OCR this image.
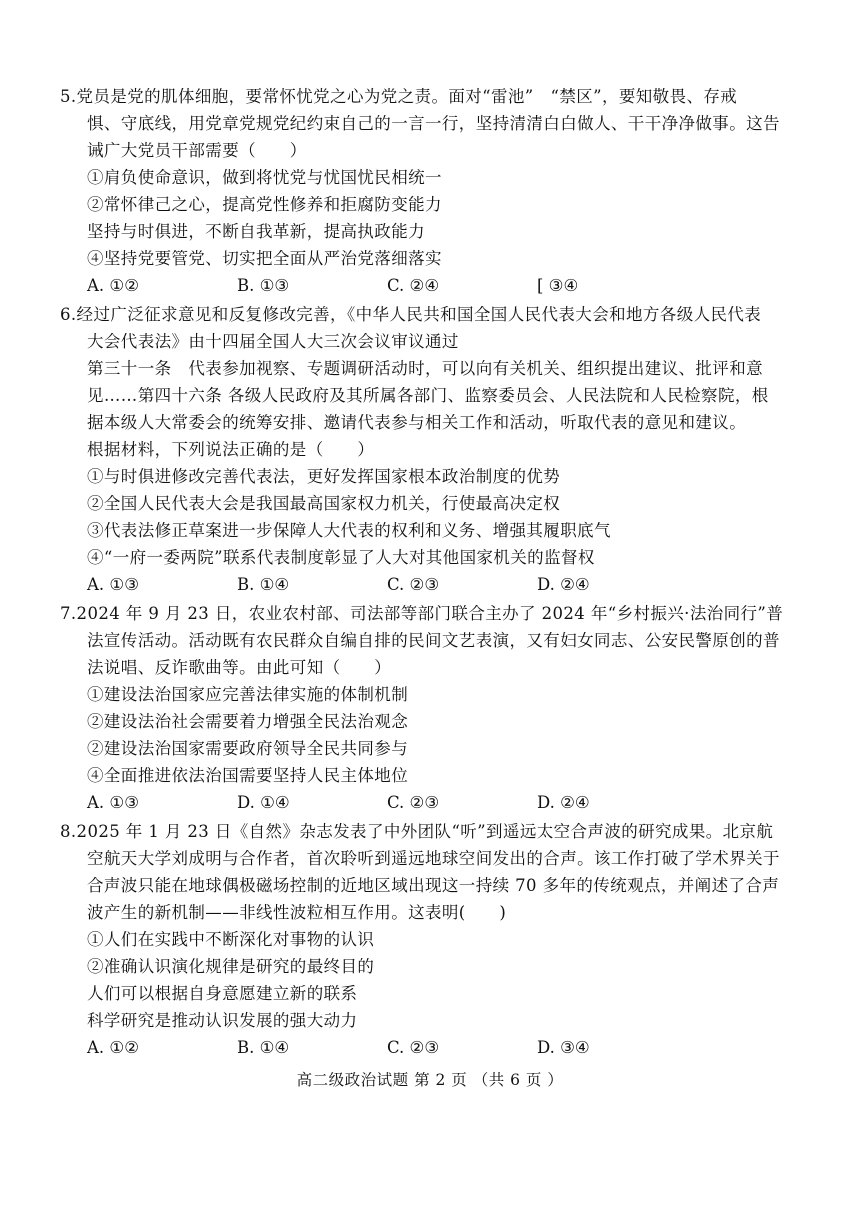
5.党员是党的肌体细胞，要常怀忧党之心为党之责。面对“雷池”　“禁区”，要知敬畏、存戒
惧、守底线，用党章党规党纪约束自己的一言一行，坚持清清白白做人、干干净净做事。这告
诫广大党员干部需要（　　）
①肩负使命意识，做到将忧党与忧国忧民相统一
②常怀律己之心，提高党性修养和拒腐防变能力
坚持与时俱进，不断自我革新，提高执政能力
④坚持党要管党、切实把全面从严治党落细落实
A. ①②	B. ①③	C. ②④	[ ③④
6.经过广泛征求意见和反复修改完善，《中华人民共和国全国人民代表大会和地方各级人民代表
大会代表法》由十四届全国人大三次会议审议通过
第三十一条　代表参加视察、专题调研活动时，可以向有关机关、组织提出建议、批评和意
见……第四十六条 各级人民政府及其所属各部门、监察委员会、人民法院和人民检察院，根
据本级人大常委会的统筹安排、邀请代表参与相关工作和活动，听取代表的意见和建议。
根据材料，下列说法正确的是（　　）
①与时俱进修改完善代表法，更好发挥国家根本政治制度的优势
②全国人民代表大会是我国最高国家权力机关，行使最高决定权
③代表法修正草案进一步保障人大代表的权利和义务、增强其履职底气
④“一府一委两院”联系代表制度彰显了人大对其他国家机关的监督权
A. ①③	B. ①④	C. ②③	D. ②④
7.2024 年 9 月 23 日，农业农村部、司法部等部门联合主办了 2024 年“乡村振兴·法治同行”普
法宣传活动。活动既有农民群众自编自排的民间文艺表演，又有妇女同志、公安民警原创的普
法说唱、反诈歌曲等。由此可知（　　）
①建设法治国家应完善法律实施的体制机制
②建设法治社会需要着力增强全民法治观念
②建设法治国家需要政府领导全民共同参与
④全面推进依法治国需要坚持人民主体地位
A. ①③	D. ①④	C. ②③	D. ②④
8.2025 年 1 月 23 日《自然》杂志发表了中外团队“听”到遥远太空合声波的研究成果。北京航
空航天大学刘成明与合作者，首次聆听到遥远地球空间发出的合声。该工作打破了学术界关于
合声波只能在地球偶极磁场控制的近地区域出现这一持续 70 多年的传统观点，并阐述了合声
波产生的新机制——非线性波粒相互作用。这表明(　　)
①人们在实践中不断深化对事物的认识
②准确认识演化规律是研究的最终目的
人们可以根据自身意愿建立新的联系
科学研究是推动认识发展的强大动力
A. ①②	B. ①④	C. ②③	D. ③④
高二级政治试题 第 2 页 （共 6 页 ）
